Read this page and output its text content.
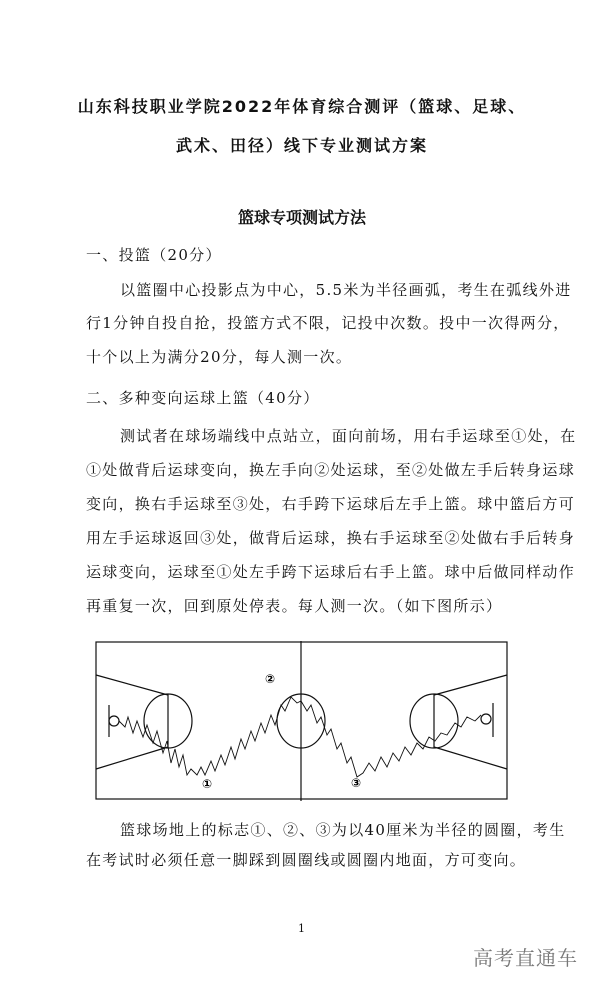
山东科技职业学院2022年体育综合测评（篮球、足球、
武术、田径）线下专业测试方案
篮球专项测试方法
一、投篮（20分）
以篮圈中心投影点为中心，5.5米为半径画弧，考生在弧线外进
行1分钟自投自抢，投篮方式不限，记投中次数。投中一次得两分，
十个以上为满分20分，每人测一次。
二、多种变向运球上篮（40分）
测试者在球场端线中点站立，面向前场，用右手运球至①处，在
①处做背后运球变向，换左手向②处运球，至②处做左手后转身运球
变向，换右手运球至③处，右手跨下运球后左手上篮。球中篮后方可
用左手运球返回③处，做背后运球，换右手运球至②处做右手后转身
运球变向，运球至①处左手跨下运球后右手上篮。球中后做同样动作
再重复一次，回到原处停表。每人测一次。（如下图所示）
①
②
③
篮球场地上的标志①、②、③为以40厘米为半径的圆圈，考生
在考试时必须任意一脚踩到圆圈线或圆圈内地面，方可变向。
1
高考直通车
